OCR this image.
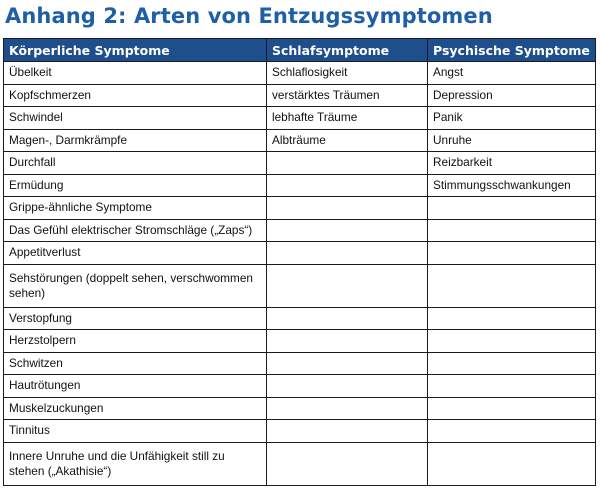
Anhang 2: Arten von Entzugssymptomen
Körperliche Symptome	Schlafsymptome	Psychische Symptome
Übelkeit	Schlaflosigkeit	Angst
Kopfschmerzen	verstärktes Träumen	Depression
Schwindel	lebhafte Träume	Panik
Magen-, Darmkrämpfe	Albträume	Unruhe
Durchfall		Reizbarkeit
Ermüdung		Stimmungsschwankungen
Grippe-ähnliche Symptome		
Das Gefühl elektrischer Stromschläge („Zaps“)		
Appetitverlust		
Sehstörungen (doppelt sehen, verschwommen sehen)		
Verstopfung		
Herzstolpern		
Schwitzen		
Hautrötungen		
Muskelzuckungen		
Tinnitus		
Innere Unruhe und die Unfähigkeit still zu stehen („Akathisie“)		
